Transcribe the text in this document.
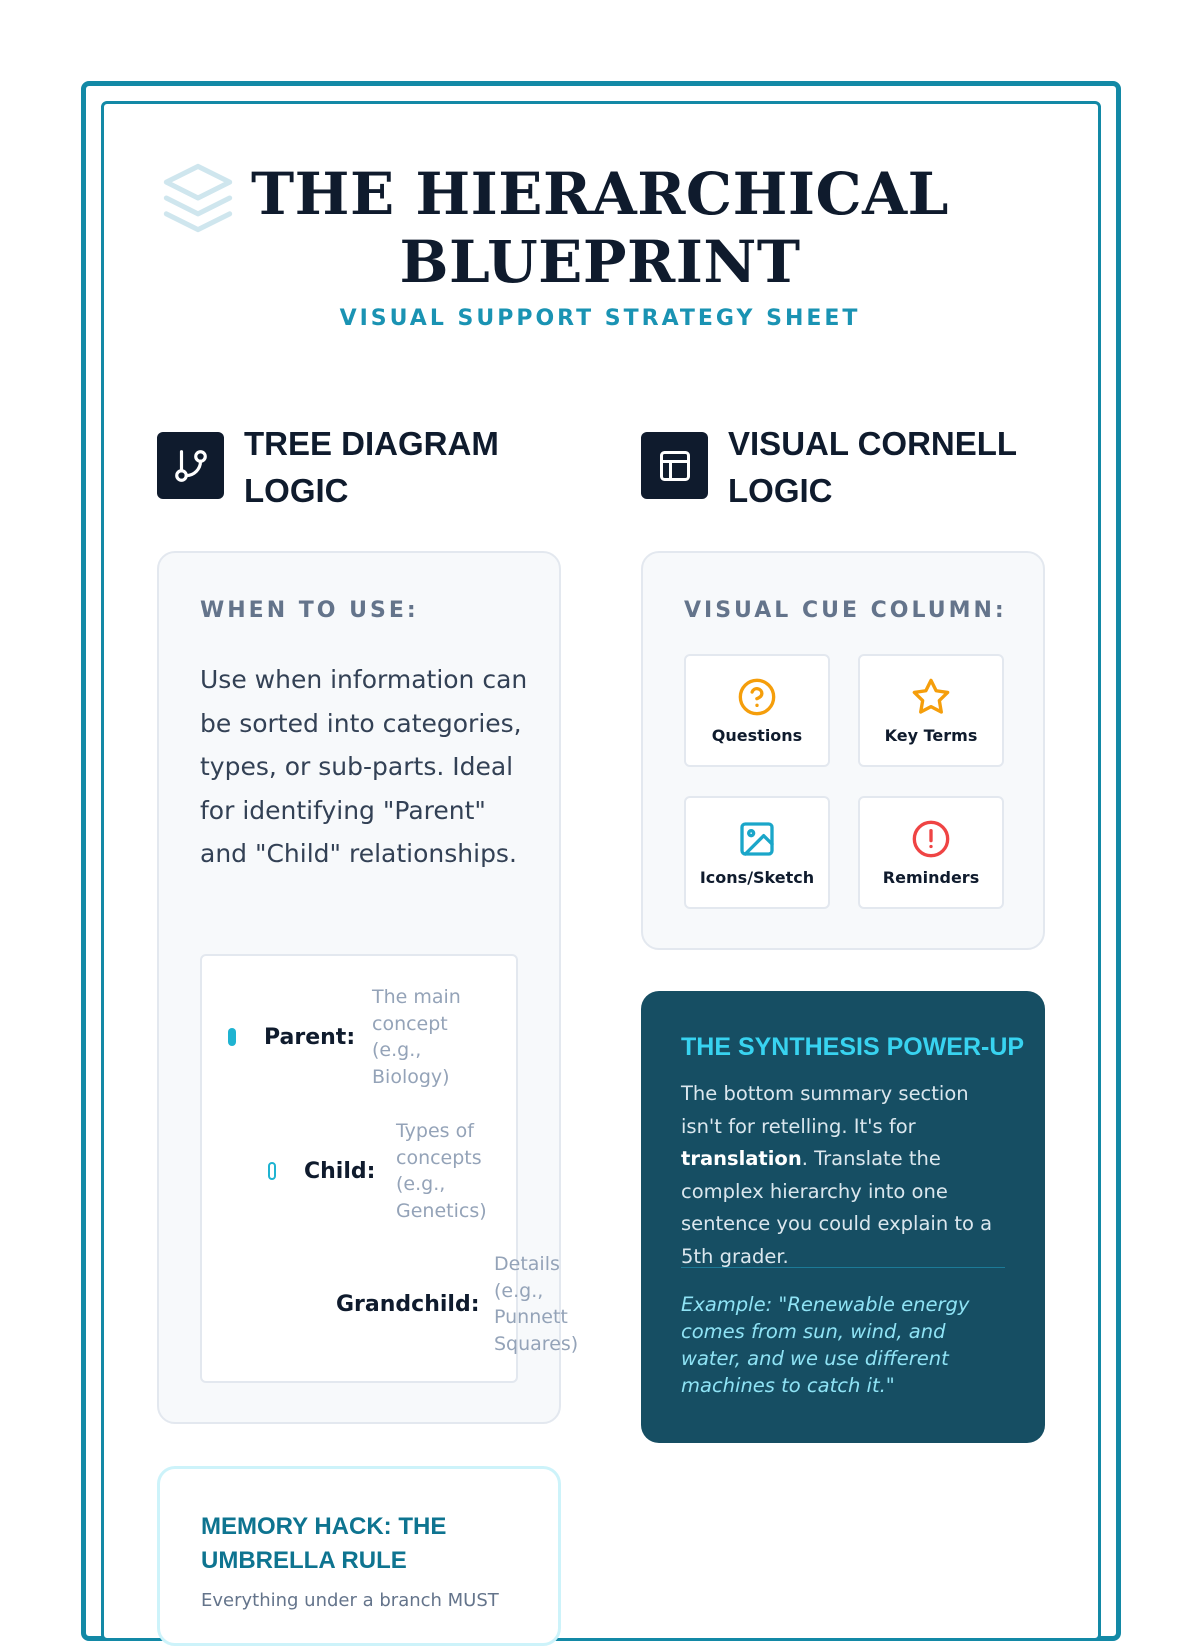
THE HIERARCHICAL BLUEPRINT
VISUAL SUPPORT STRATEGY SHEET
TREE DIAGRAM LOGIC
VISUAL CORNELL LOGIC
WHEN TO USE:
Use when information can be sorted into categories, types, or sub-parts. Ideal for identifying "Parent" and "Child" relationships.
Parent:
The main concept (e.g., Biology)
Child:
Types of concepts (e.g., Genetics)
Grandchild:
Details (e.g., Punnett Squares)
VISUAL CUE COLUMN:
Questions	Key Terms
Icons/Sketch	Reminders
THE SYNTHESIS POWER-UP
The bottom summary section isn't for retelling. It's for translation. Translate the complex hierarchy into one sentence you could explain to a 5th grader.
Example: "Renewable energy comes from sun, wind, and water, and we use different machines to catch it."
MEMORY HACK: THE UMBRELLA RULE
Everything under a branch MUST
